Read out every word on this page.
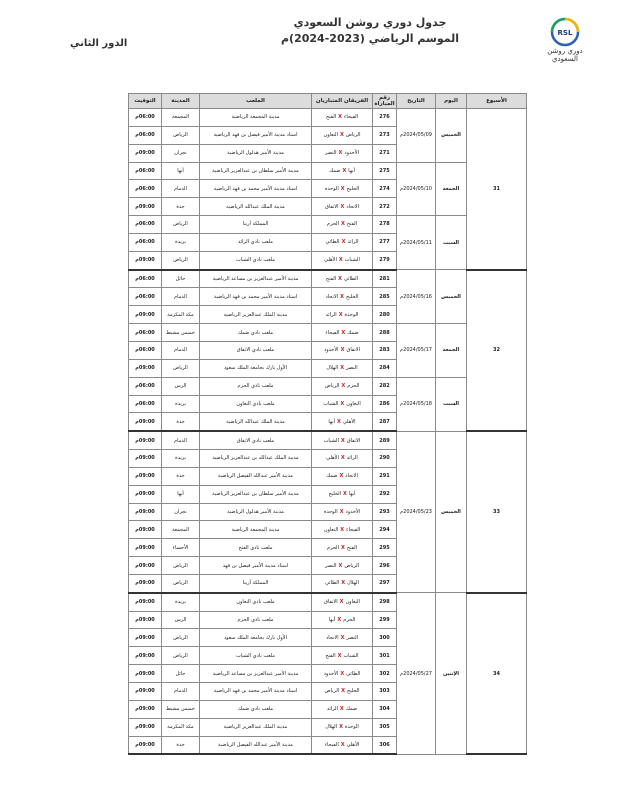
جدول دوري روشن السعودي
الموسم الرياضي (2023-2024)م
الدور الثاني
RSL
دوري روشن
السعودي
الأسبوع	اليوم	التاريخ	رقم المباراة	الفريقان المتباريان	الملعب	المدينة	التوقيت
31	الخميس	2024/05/09م	276	الفيحاءXالفتح	مدينة المجمعة الرياضية	المجمعة	06:00م
			273	الرياضXالتعاون	استاد مدينة الأمير فيصل بن فهد الرياضية	الرياض	06:00م
			271	الأخدودXالنصر	مدينة الأمير هذلول الرياضية	نجران	09:00م
	الجمعة	2024/05/10م	275	أبهاXضمك	مدينة الأمير سلطان بن عبدالعزيز الرياضية	أبها	06:00م
			274	الخليجXالوحدة	استاد مدينة الأمير محمد بن فهد الرياضية	الدمام	06:00م
			272	الاتحادXالاتفاق	مدينة الملك عبدالله الرياضية	جدة	09:00م
	السبت	2024/05/11م	278	الفتحXالحزم	المملكة أرينا	الرياض	06:00م
			277	الرائدXالطائي	ملعب نادي الرائد	بريدة	06:00م
			279	الشبابXالأهلي	ملعب نادي الشباب	الرياض	09:00م
32	الخميس	2024/05/16م	281	الطائيXالفتح	مدينة الأمير عبدالعزيز بن مساعد الرياضية	حائل	06:00م
			285	الخليجXالاتحاد	استاد مدينة الأمير محمد بن فهد الرياضية	الدمام	06:00م
			280	الوحدةXالرائد	مدينة الملك عبدالعزيز الرياضية	مكة المكرمة	09:00م
	الجمعة	2024/05/17م	288	ضمكXالفيحاء	ملعب نادي ضمك	خميس مشيط	06:00م
			283	الاتفاقXالأخدود	ملعب نادي الاتفاق	الدمام	06:00م
			284	النصرXالهلال	الأول بارك بجامعة الملك سعود	الرياض	09:00م
	السبت	2024/05/18م	282	الحزمXالرياض	ملعب نادي الحزم	الرس	06:00م
			286	التعاونXالشباب	ملعب نادي التعاون	بريدة	06:00م
			287	الأهليXأبها	مدينة الملك عبدالله الرياضية	جدة	09:00م
33	الخميس	2024/05/23م	289	الاتفاقXالشباب	ملعب نادي الاتفاق	الدمام	09:00م
			290	الرائدXالأهلي	مدينة الملك عبدالله بن عبدالعزيز الرياضية	بريدة	09:00م
			291	الاتحادXضمك	مدينة الأمير عبدالله الفيصل الرياضية	جدة	09:00م
			292	أبهاXالخليج	مدينة الأمير سلطان بن عبدالعزيز الرياضية	أبها	09:00م
			293	الأخدودXالوحدة	مدينة الأمير هذلول الرياضية	نجران	09:00م
			294	الفيحاءXالتعاون	مدينة المجمعة الرياضية	المجمعة	09:00م
			295	الفتحXالحزم	ملعب نادي الفتح	الأحساء	09:00م
			296	الرياضXالنصر	استاد مدينة الأمير فيصل بن فهد	الرياض	09:00م
			297	الهلالXالطائي	المملكة أرينا	الرياض	09:00م
34	الإثنين	2024/05/27م	298	التعاونXالاتفاق	ملعب نادي التعاون	بريدة	09:00م
			299	الحزمXأبها	ملعب نادي الحزم	الرس	09:00م
			300	النصرXالاتحاد	الأول بارك بجامعة الملك سعود	الرياض	09:00م
			301	الشبابXالفتح	ملعب نادي الشباب	الرياض	09:00م
			302	الطائيXالأخدود	مدينة الأمير عبدالعزيز بن مساعد الرياضية	حائل	09:00م
			303	الخليجXالرياض	استاد مدينة الأمير محمد بن فهد الرياضية	الدمام	09:00م
			304	ضمكXالرائد	ملعب نادي ضمك	خميس مشيط	09:00م
			305	الوحدةXالهلال	مدينة الملك عبدالعزيز الرياضية	مكة المكرمة	09:00م
			306	الأهليXالفيحاء	مدينة الأمير عبدالله الفيصل الرياضية	جدة	09:00م
